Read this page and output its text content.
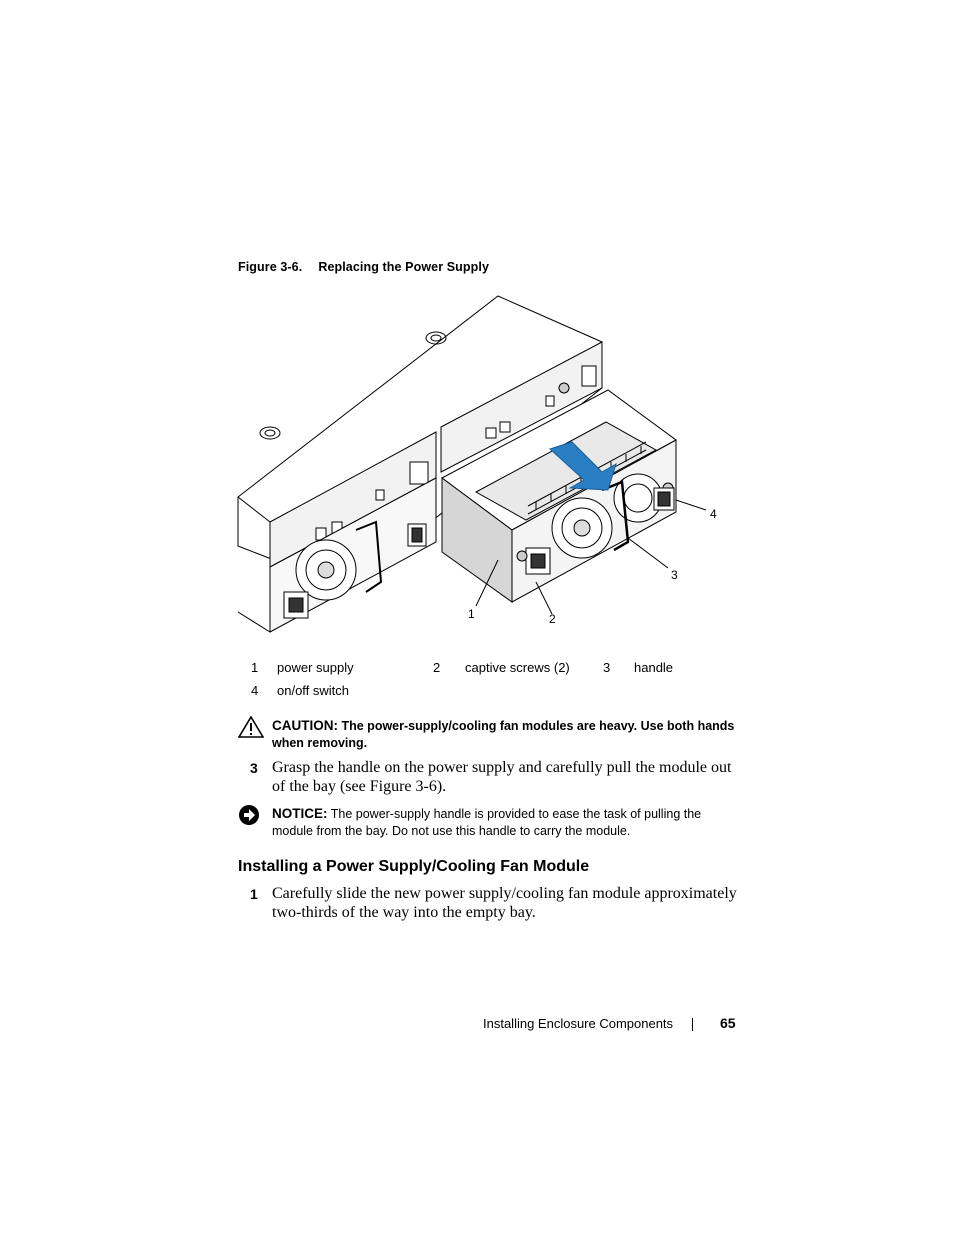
Figure 3-6. Replacing the Power Supply
1	2
3
4
1 power supply	2 captive screws (2)	3 handle
4 on/off switch
CAUTION: The power-supply/cooling fan modules are heavy. Use both hands when removing.
3 Grasp the handle on the power supply and carefully pull the module out of the bay (see Figure 3-6).
NOTICE: The power-supply handle is provided to ease the task of pulling the module from the bay. Do not use this handle to carry the module.
Installing a Power Supply/Cooling Fan Module
1 Carefully slide the new power supply/cooling fan module approximately two-thirds of the way into the empty bay.
Installing Enclosure Components	65
